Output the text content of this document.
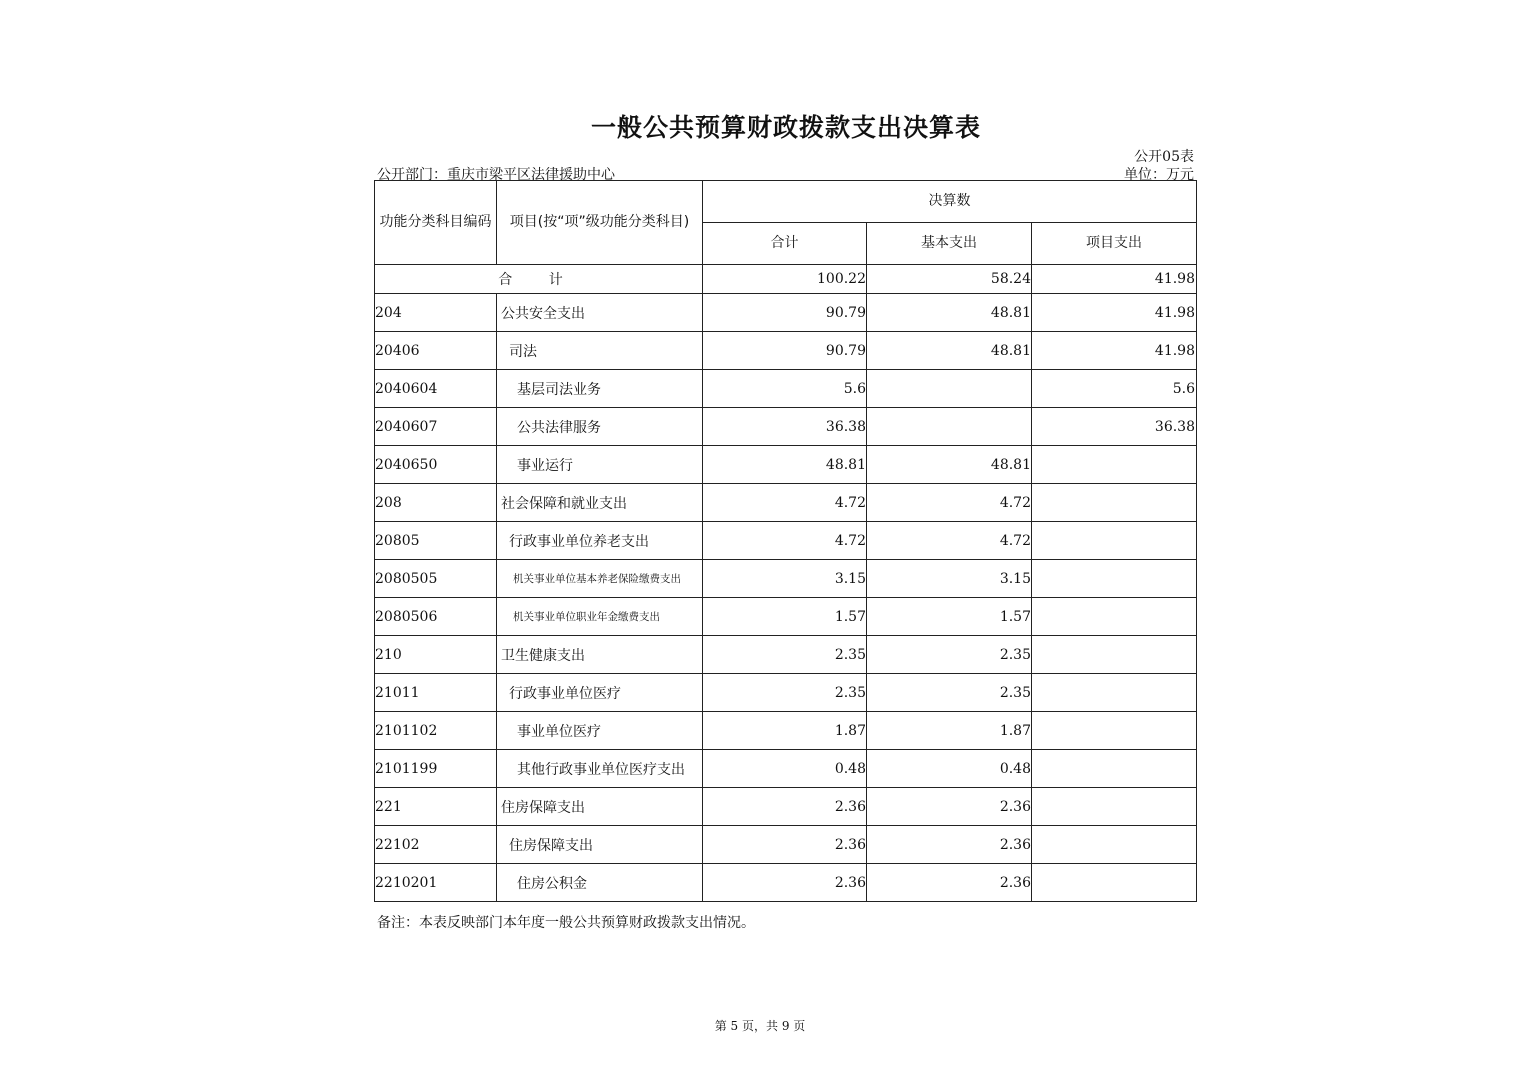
一般公共预算财政拨款支出决算表
公开05表
公开部门：重庆市梁平区法律援助中心	单位：万元
功能分类科目编码	项目(按“项”级功能分类科目)	决算数		
		合计	基本支出	项目支出
合 计		100.22	58.24	41.98
204	公共安全支出	90.79	48.81	41.98
20406	司法	90.79	48.81	41.98
2040604	基层司法业务	5.6		5.6
2040607	公共法律服务	36.38		36.38
2040650	事业运行	48.81	48.81	
208	社会保障和就业支出	4.72	4.72	
20805	行政事业单位养老支出	4.72	4.72	
2080505	机关事业单位基本养老保险缴费支出	3.15	3.15	
2080506	机关事业单位职业年金缴费支出	1.57	1.57	
210	卫生健康支出	2.35	2.35	
21011	行政事业单位医疗	2.35	2.35	
2101102	事业单位医疗	1.87	1.87	
2101199	其他行政事业单位医疗支出	0.48	0.48	
221	住房保障支出	2.36	2.36	
22102	住房保障支出	2.36	2.36	
2210201	住房公积金	2.36	2.36	
备注：本表反映部门本年度一般公共预算财政拨款支出情况。
第 5 页，共 9 页
